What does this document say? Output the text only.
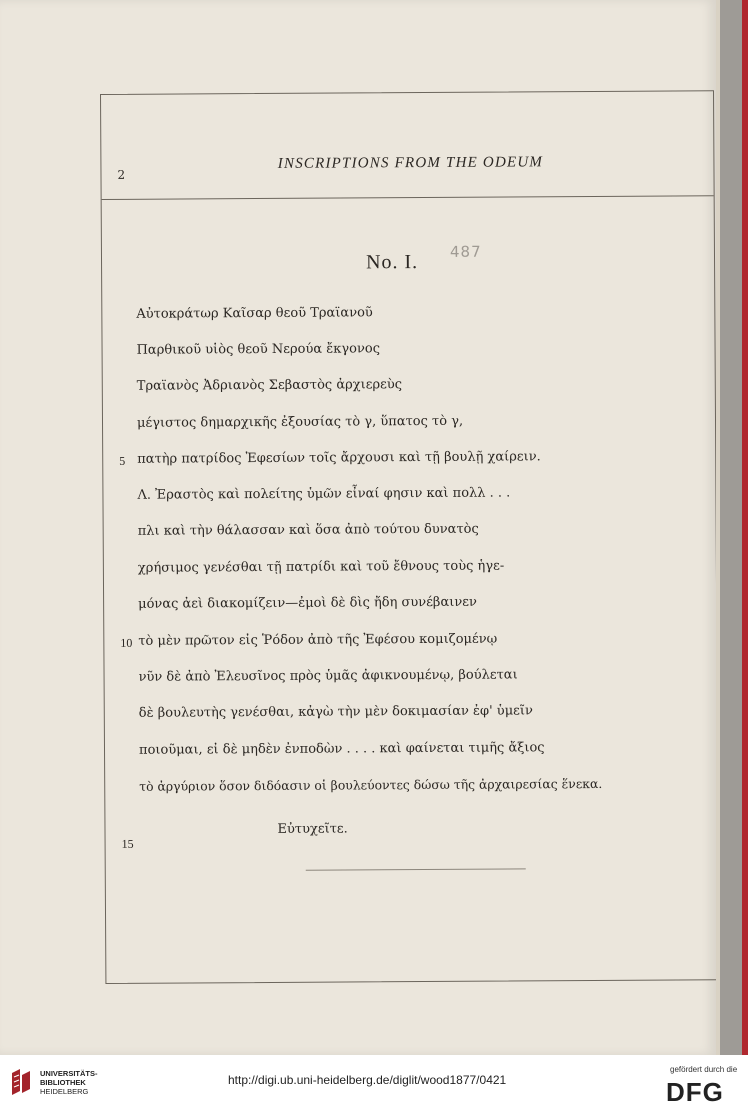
2
INSCRIPTIONS FROM THE ODEUM
No. I. 487
Αὐτοκράτωρ Καῖσαρ θεοῦ Τραϊανοῦ
Παρθικοῦ υἱὸς θεοῦ Νερούα ἔκγονος
Τραϊανὸς Ἀδριανὸς Σεβαστὸς ἀρχιερεὺς
μέγιστος δημαρχικῆς ἐξουσίας τὸ γ, ὕπατος τὸ γ,
5 πατὴρ πατρίδος Ἐφεσίων τοῖς ἄρχουσι καὶ τῇ βουλῇ χαίρειν.
Λ. Ἐραστὸς καὶ πολείτης ὑμῶν εἶναί φησιν καὶ πολλ . . .
πλι καὶ τὴν θάλασσαν καὶ ὅσα ἀπὸ τούτου δυνατὸς
χρήσιμος γενέσθαι τῇ πατρίδι καὶ τοῦ ἔθνους τοὺς ἡγε-
μόνας ἀεὶ διακομίζειν—ἐμοὶ δὲ δὶς ἤδη συνέβαινεν
10 τὸ μὲν πρῶτον εἰς Ῥόδον ἀπὸ τῆς Ἐφέσου κομιζομένῳ
νῦν δὲ ἀπὸ Ἐλευσῖνος πρὸς ὑμᾶς ἀφικνουμένῳ, βούλεται
δὲ βουλευτὴς γενέσθαι, κἀγὼ τὴν μὲν δοκιμασίαν ἐφ' ὑμεῖν
ποιοῦμαι, εἰ δὲ μηδὲν ἐνποδὼν . . . . καὶ φαίνεται τιμῆς ἄξιος
τὸ ἀργύριον ὅσον διδόασιν οἱ βουλεύοντες δώσω τῆς ἀρχαιρεσίας ἕνεκα.
15
Εὐτυχεῖτε.
UNIVERSITÄTS-
BIBLIOTHEK
HEIDELBERG
http://digi.ub.uni-heidelberg.de/diglit/wood1877/0421
gefördert durch die
DFG
